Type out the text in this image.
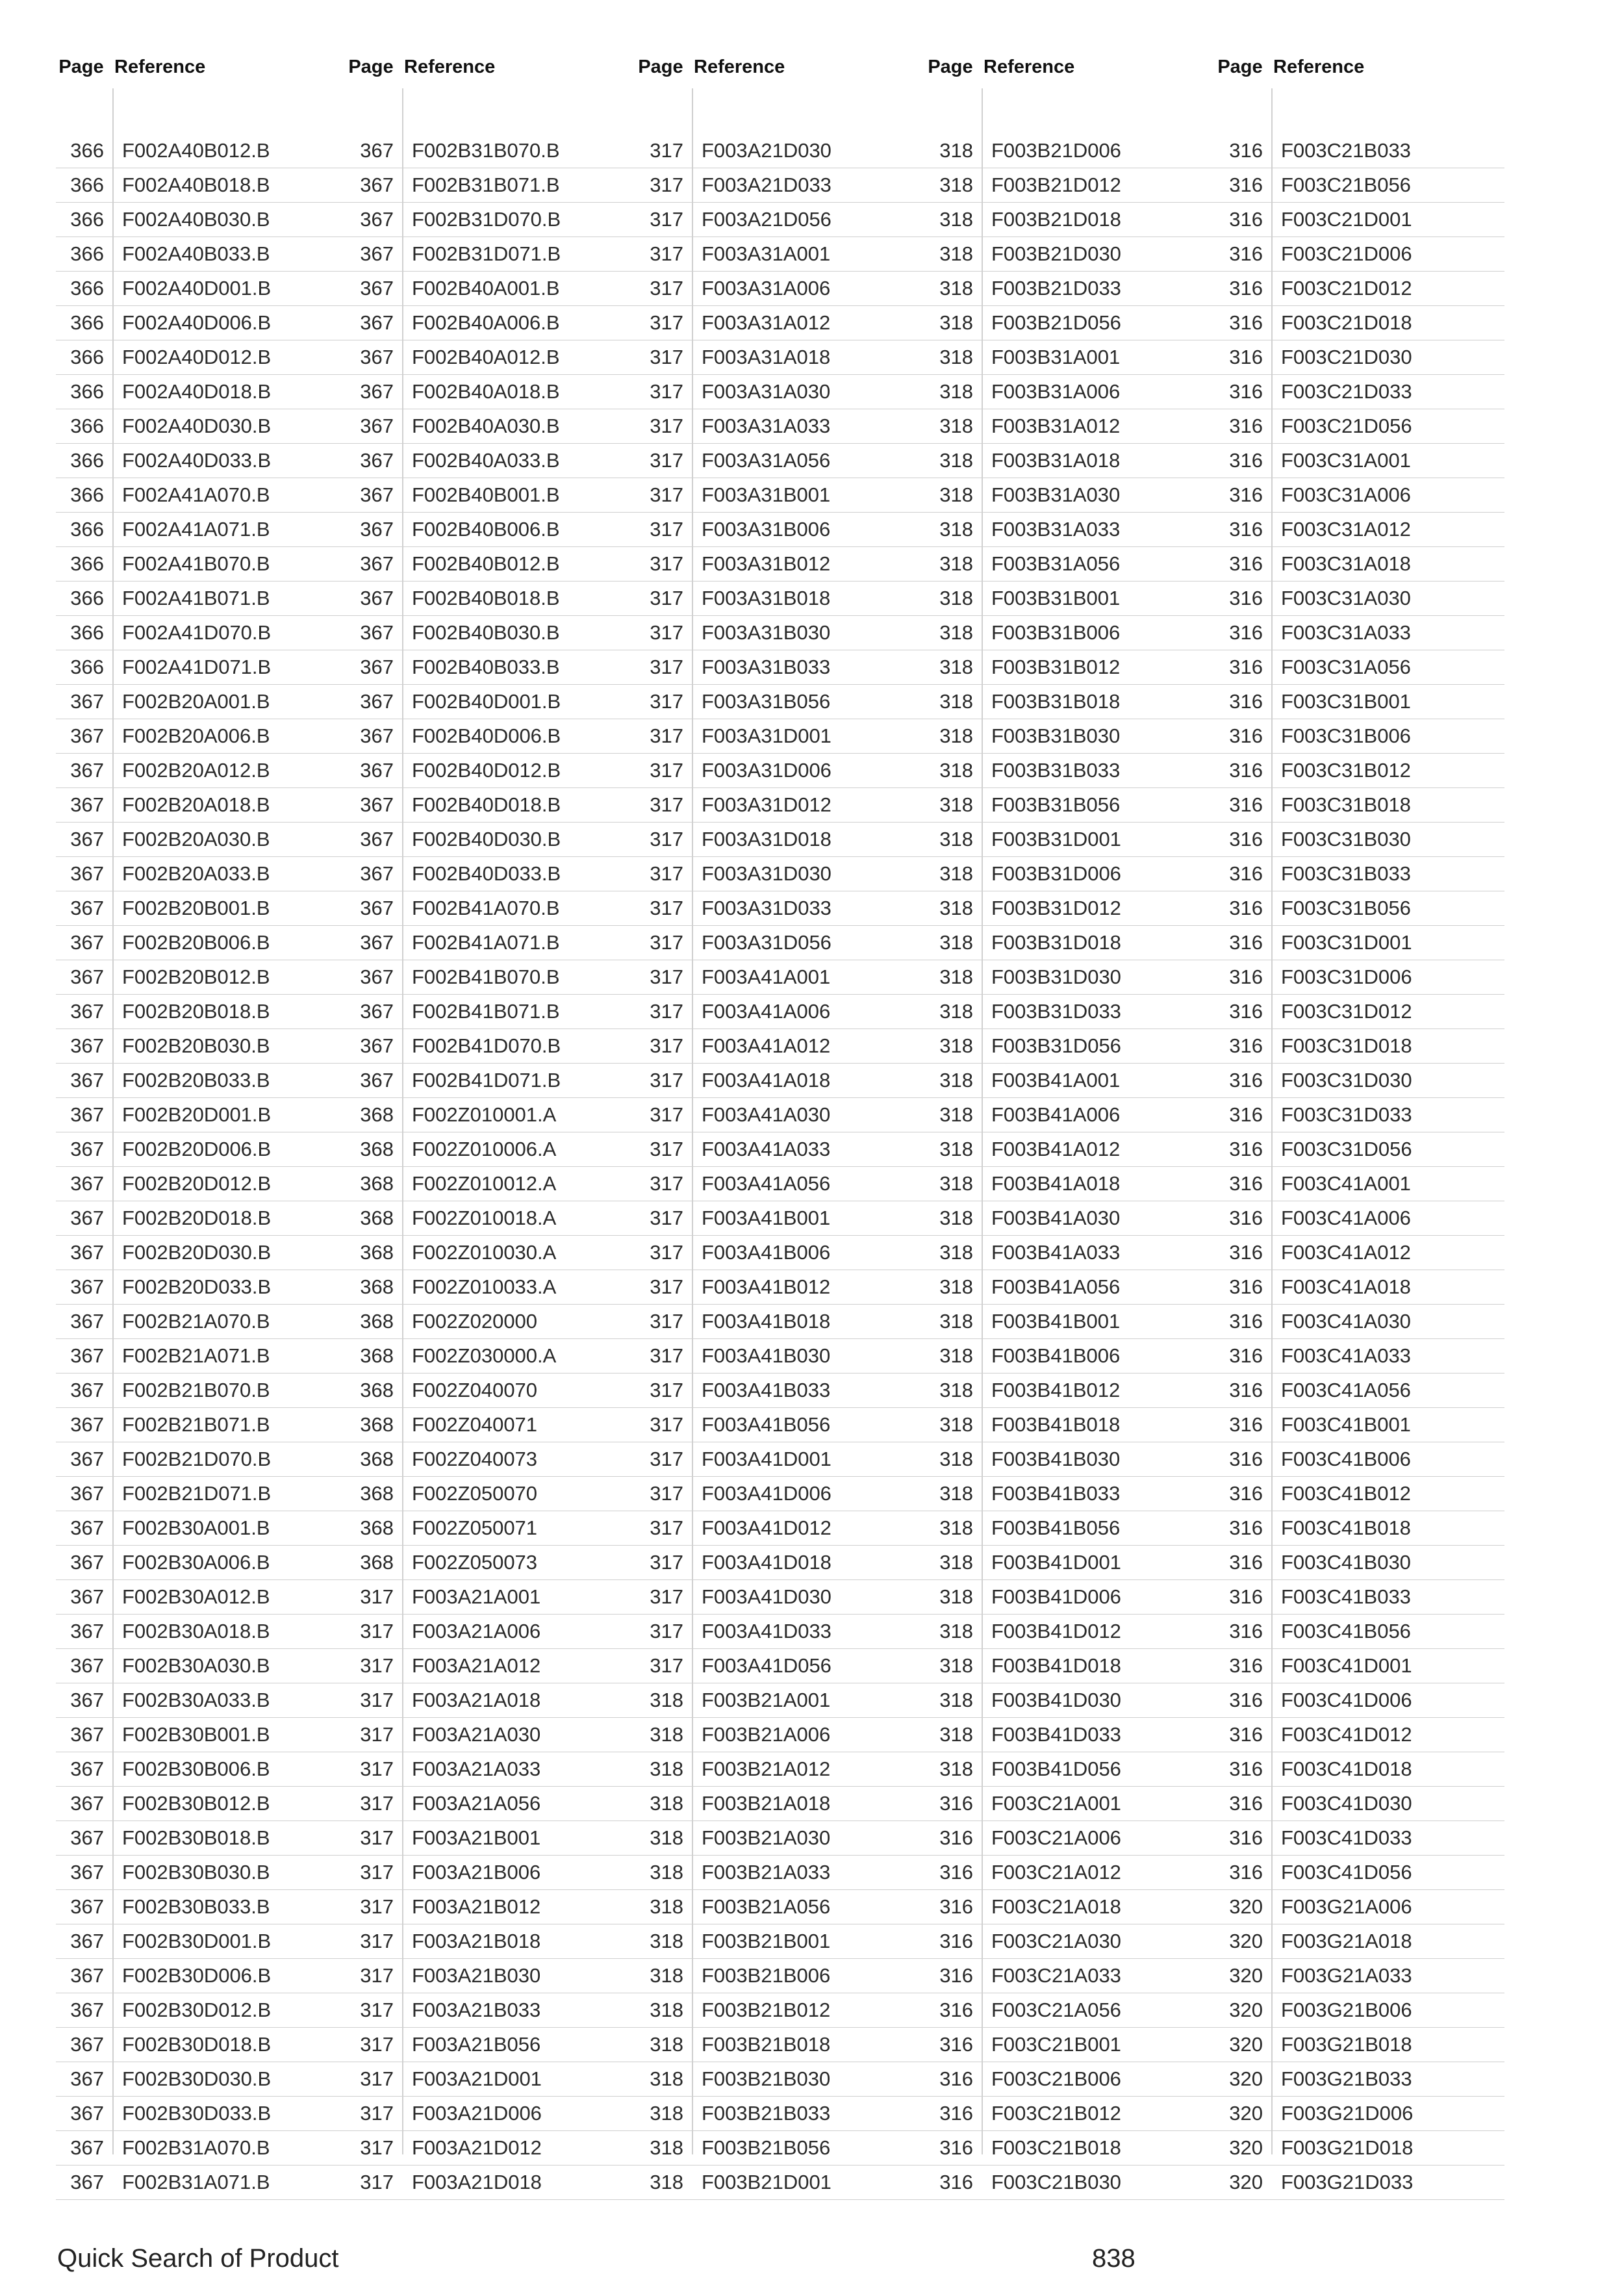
Page Reference
366 F002A40B012.B
366 F002A40B018.B
366 F002A40B030.B
366 F002A40B033.B
366 F002A40D001.B
366 F002A40D006.B
366 F002A40D012.B
366 F002A40D018.B
366 F002A40D030.B
366 F002A40D033.B
366 F002A41A070.B
366 F002A41A071.B
366 F002A41B070.B
366 F002A41B071.B
366 F002A41D070.B
366 F002A41D071.B
367 F002B20A001.B
367 F002B20A006.B
367 F002B20A012.B
367 F002B20A018.B
367 F002B20A030.B
367 F002B20A033.B
367 F002B20B001.B
367 F002B20B006.B
367 F002B20B012.B
367 F002B20B018.B
367 F002B20B030.B
367 F002B20B033.B
367 F002B20D001.B
367 F002B20D006.B
367 F002B20D012.B
367 F002B20D018.B
367 F002B20D030.B
367 F002B20D033.B
367 F002B21A070.B
367 F002B21A071.B
367 F002B21B070.B
367 F002B21B071.B
367 F002B21D070.B
367 F002B21D071.B
367 F002B30A001.B
367 F002B30A006.B
367 F002B30A012.B
367 F002B30A018.B
367 F002B30A030.B
367 F002B30A033.B
367 F002B30B001.B
367 F002B30B006.B
367 F002B30B012.B
367 F002B30B018.B
367 F002B30B030.B
367 F002B30B033.B
367 F002B30D001.B
367 F002B30D006.B
367 F002B30D012.B
367 F002B30D018.B
367 F002B30D030.B
367 F002B30D033.B
367 F002B31A070.B
367 F002B31A071.B
Page Reference
367 F002B31B070.B
367 F002B31B071.B
367 F002B31D070.B
367 F002B31D071.B
367 F002B40A001.B
367 F002B40A006.B
367 F002B40A012.B
367 F002B40A018.B
367 F002B40A030.B
367 F002B40A033.B
367 F002B40B001.B
367 F002B40B006.B
367 F002B40B012.B
367 F002B40B018.B
367 F002B40B030.B
367 F002B40B033.B
367 F002B40D001.B
367 F002B40D006.B
367 F002B40D012.B
367 F002B40D018.B
367 F002B40D030.B
367 F002B40D033.B
367 F002B41A070.B
367 F002B41A071.B
367 F002B41B070.B
367 F002B41B071.B
367 F002B41D070.B
367 F002B41D071.B
368 F002Z010001.A
368 F002Z010006.A
368 F002Z010012.A
368 F002Z010018.A
368 F002Z010030.A
368 F002Z010033.A
368 F002Z020000
368 F002Z030000.A
368 F002Z040070
368 F002Z040071
368 F002Z040073
368 F002Z050070
368 F002Z050071
368 F002Z050073
317 F003A21A001
317 F003A21A006
317 F003A21A012
317 F003A21A018
317 F003A21A030
317 F003A21A033
317 F003A21A056
317 F003A21B001
317 F003A21B006
317 F003A21B012
317 F003A21B018
317 F003A21B030
317 F003A21B033
317 F003A21B056
317 F003A21D001
317 F003A21D006
317 F003A21D012
317 F003A21D018
Page Reference
317 F003A21D030
317 F003A21D033
317 F003A21D056
317 F003A31A001
317 F003A31A006
317 F003A31A012
317 F003A31A018
317 F003A31A030
317 F003A31A033
317 F003A31A056
317 F003A31B001
317 F003A31B006
317 F003A31B012
317 F003A31B018
317 F003A31B030
317 F003A31B033
317 F003A31B056
317 F003A31D001
317 F003A31D006
317 F003A31D012
317 F003A31D018
317 F003A31D030
317 F003A31D033
317 F003A31D056
317 F003A41A001
317 F003A41A006
317 F003A41A012
317 F003A41A018
317 F003A41A030
317 F003A41A033
317 F003A41A056
317 F003A41B001
317 F003A41B006
317 F003A41B012
317 F003A41B018
317 F003A41B030
317 F003A41B033
317 F003A41B056
317 F003A41D001
317 F003A41D006
317 F003A41D012
317 F003A41D018
317 F003A41D030
317 F003A41D033
317 F003A41D056
318 F003B21A001
318 F003B21A006
318 F003B21A012
318 F003B21A018
318 F003B21A030
318 F003B21A033
318 F003B21A056
318 F003B21B001
318 F003B21B006
318 F003B21B012
318 F003B21B018
318 F003B21B030
318 F003B21B033
318 F003B21B056
318 F003B21D001
Page Reference
318 F003B21D006
318 F003B21D012
318 F003B21D018
318 F003B21D030
318 F003B21D033
318 F003B21D056
318 F003B31A001
318 F003B31A006
318 F003B31A012
318 F003B31A018
318 F003B31A030
318 F003B31A033
318 F003B31A056
318 F003B31B001
318 F003B31B006
318 F003B31B012
318 F003B31B018
318 F003B31B030
318 F003B31B033
318 F003B31B056
318 F003B31D001
318 F003B31D006
318 F003B31D012
318 F003B31D018
318 F003B31D030
318 F003B31D033
318 F003B31D056
318 F003B41A001
318 F003B41A006
318 F003B41A012
318 F003B41A018
318 F003B41A030
318 F003B41A033
318 F003B41A056
318 F003B41B001
318 F003B41B006
318 F003B41B012
318 F003B41B018
318 F003B41B030
318 F003B41B033
318 F003B41B056
318 F003B41D001
318 F003B41D006
318 F003B41D012
318 F003B41D018
318 F003B41D030
318 F003B41D033
318 F003B41D056
316 F003C21A001
316 F003C21A006
316 F003C21A012
316 F003C21A018
316 F003C21A030
316 F003C21A033
316 F003C21A056
316 F003C21B001
316 F003C21B006
316 F003C21B012
316 F003C21B018
316 F003C21B030
Page Reference
316 F003C21B033
316 F003C21B056
316 F003C21D001
316 F003C21D006
316 F003C21D012
316 F003C21D018
316 F003C21D030
316 F003C21D033
316 F003C21D056
316 F003C31A001
316 F003C31A006
316 F003C31A012
316 F003C31A018
316 F003C31A030
316 F003C31A033
316 F003C31A056
316 F003C31B001
316 F003C31B006
316 F003C31B012
316 F003C31B018
316 F003C31B030
316 F003C31B033
316 F003C31B056
316 F003C31D001
316 F003C31D006
316 F003C31D012
316 F003C31D018
316 F003C31D030
316 F003C31D033
316 F003C31D056
316 F003C41A001
316 F003C41A006
316 F003C41A012
316 F003C41A018
316 F003C41A030
316 F003C41A033
316 F003C41A056
316 F003C41B001
316 F003C41B006
316 F003C41B012
316 F003C41B018
316 F003C41B030
316 F003C41B033
316 F003C41B056
316 F003C41D001
316 F003C41D006
316 F003C41D012
316 F003C41D018
316 F003C41D030
316 F003C41D033
316 F003C41D056
320 F003G21A006
320 F003G21A018
320 F003G21A033
320 F003G21B006
320 F003G21B018
320 F003G21B033
320 F003G21D006
320 F003G21D018
320 F003G21D033
Quick Search of Product	838
